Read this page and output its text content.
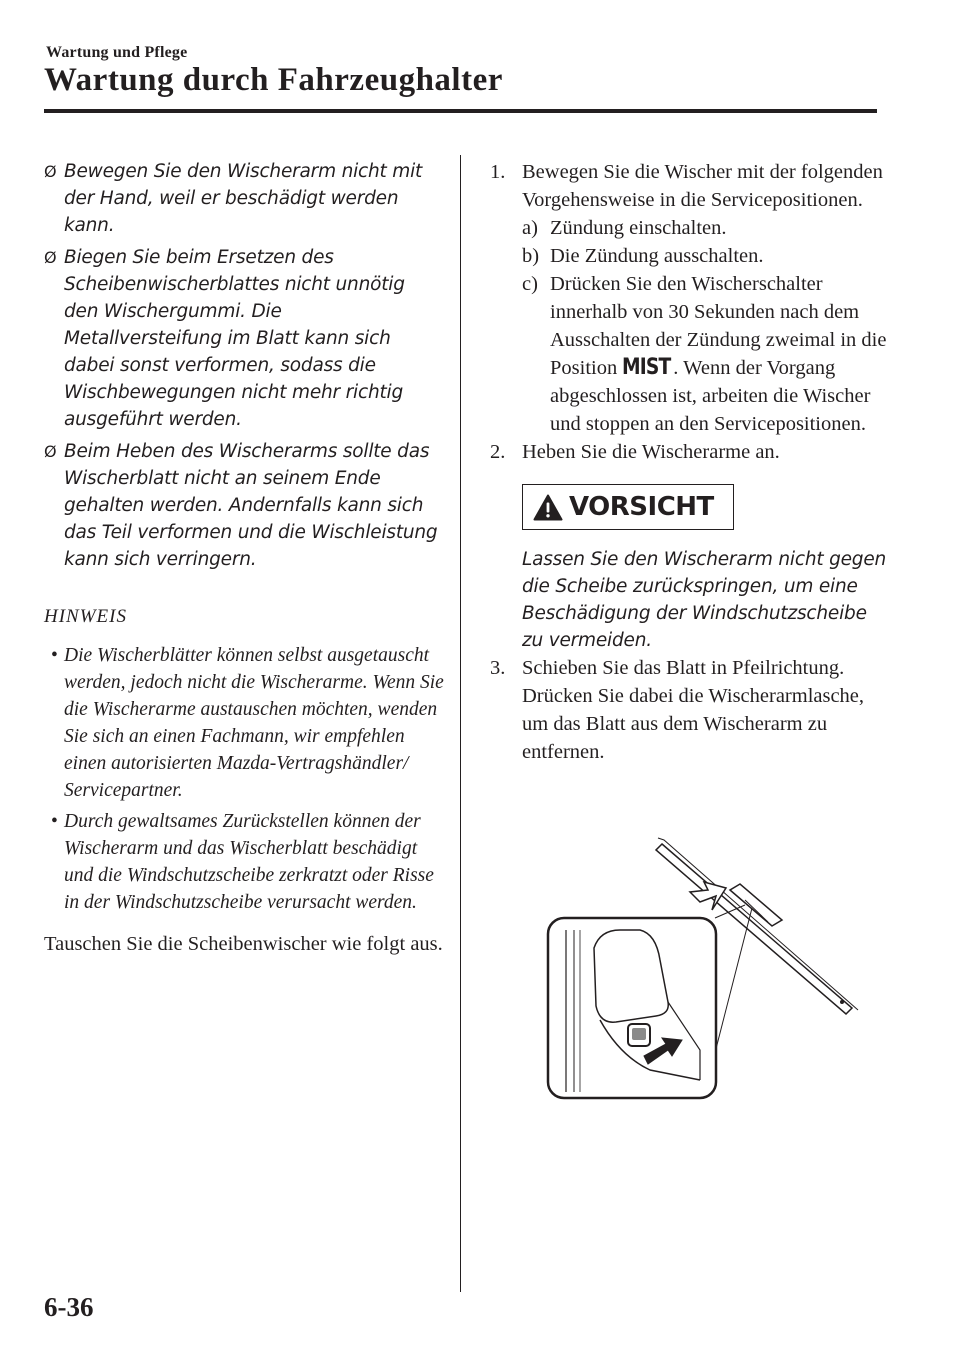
Wartung und Pflege
Wartung durch Fahrzeughalter
Ø Bewegen Sie den Wischerarm nicht mit der Hand, weil er beschädigt werden kann.
Ø Biegen Sie beim Ersetzen des Scheibenwischerblattes nicht unnötig den Wischergummi. Die Metallversteifung im Blatt kann sich dabei sonst verformen, sodass die Wischbewegungen nicht mehr richtig ausgeführt werden.
Ø Beim Heben des Wischerarms sollte das Wischerblatt nicht an seinem Ende gehalten werden. Andernfalls kann sich das Teil verformen und die Wischleistung kann sich verringern.
HINWEIS
• Die Wischerblätter können selbst ausgetauscht werden, jedoch nicht die Wischerarme. Wenn Sie die Wischerarme austauschen möchten, wenden Sie sich an einen Fachmann, wir empfehlen einen autorisierten Mazda-Vertragshändler/ Servicepartner.
• Durch gewaltsames Zurückstellen können der Wischerarm und das Wischerblatt beschädigt und die Windschutzscheibe zerkratzt oder Risse in der Windschutzscheibe verursacht werden.
Tauschen Sie die Scheibenwischer wie folgt aus.
1. Bewegen Sie die Wischer mit der folgenden Vorgehensweise in die Servicepositionen.
a) Zündung einschalten.
b) Die Zündung ausschalten.
c) Drücken Sie den Wischerschalter innerhalb von 30 Sekunden nach dem Ausschalten der Zündung zweimal in die Position MIST . Wenn der Vorgang abgeschlossen ist, arbeiten die Wischer und stoppen an den Servicepositionen.
2. Heben Sie die Wischerarme an.
VORSICHT
Lassen Sie den Wischerarm nicht gegen die Scheibe zurückspringen, um eine Beschädigung der Windschutzscheibe zu vermeiden.
3. Schieben Sie das Blatt in Pfeilrichtung. Drücken Sie dabei die Wischerarmlasche, um das Blatt aus dem Wischerarm zu entfernen.
6-36
